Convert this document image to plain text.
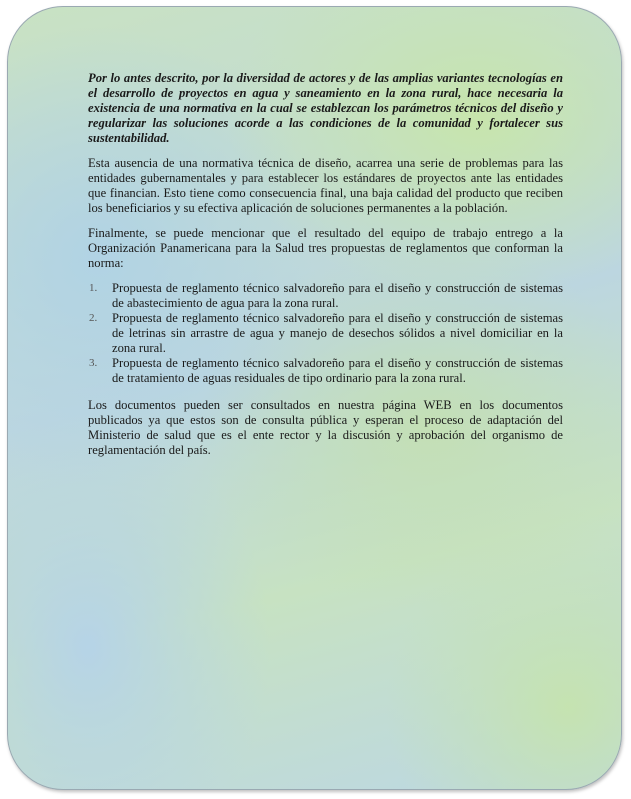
Por lo antes descrito, por la diversidad de actores y de las amplias variantes tecnologías en el desarrollo de proyectos en agua y saneamiento en la zona rural, hace necesaria la existencia de una normativa en la cual se establezcan los parámetros técnicos del diseño y regularizar las soluciones acorde a las condiciones de la comunidad y fortalecer sus sustentabilidad.

Esta ausencia de una normativa técnica de diseño, acarrea una serie de problemas para las entidades gubernamentales y para establecer los estándares de proyectos ante las entidades que financian. Esto tiene como consecuencia final, una baja calidad del producto que reciben los beneficiarios y su efectiva aplicación de soluciones permanentes a la población.

Finalmente, se puede mencionar que el resultado del equipo de trabajo entrego a la Organización Panamericana para la Salud tres propuestas de reglamentos que conforman la norma:

1. Propuesta de reglamento técnico salvadoreño para el diseño y construcción de sistemas de abastecimiento de agua para la zona rural.
2. Propuesta de reglamento técnico salvadoreño para el diseño y construcción de sistemas de letrinas sin arrastre de agua y manejo de desechos sólidos a nivel domiciliar en la zona rural.
3. Propuesta de reglamento técnico salvadoreño para el diseño y construcción de sistemas de tratamiento de aguas residuales de tipo ordinario para la zona rural.

Los documentos pueden ser consultados en nuestra página WEB en los documentos publicados ya que estos son de consulta pública y esperan el proceso de adaptación del Ministerio de salud que es el ente rector y la discusión y aprobación del organismo de reglamentación del país.
